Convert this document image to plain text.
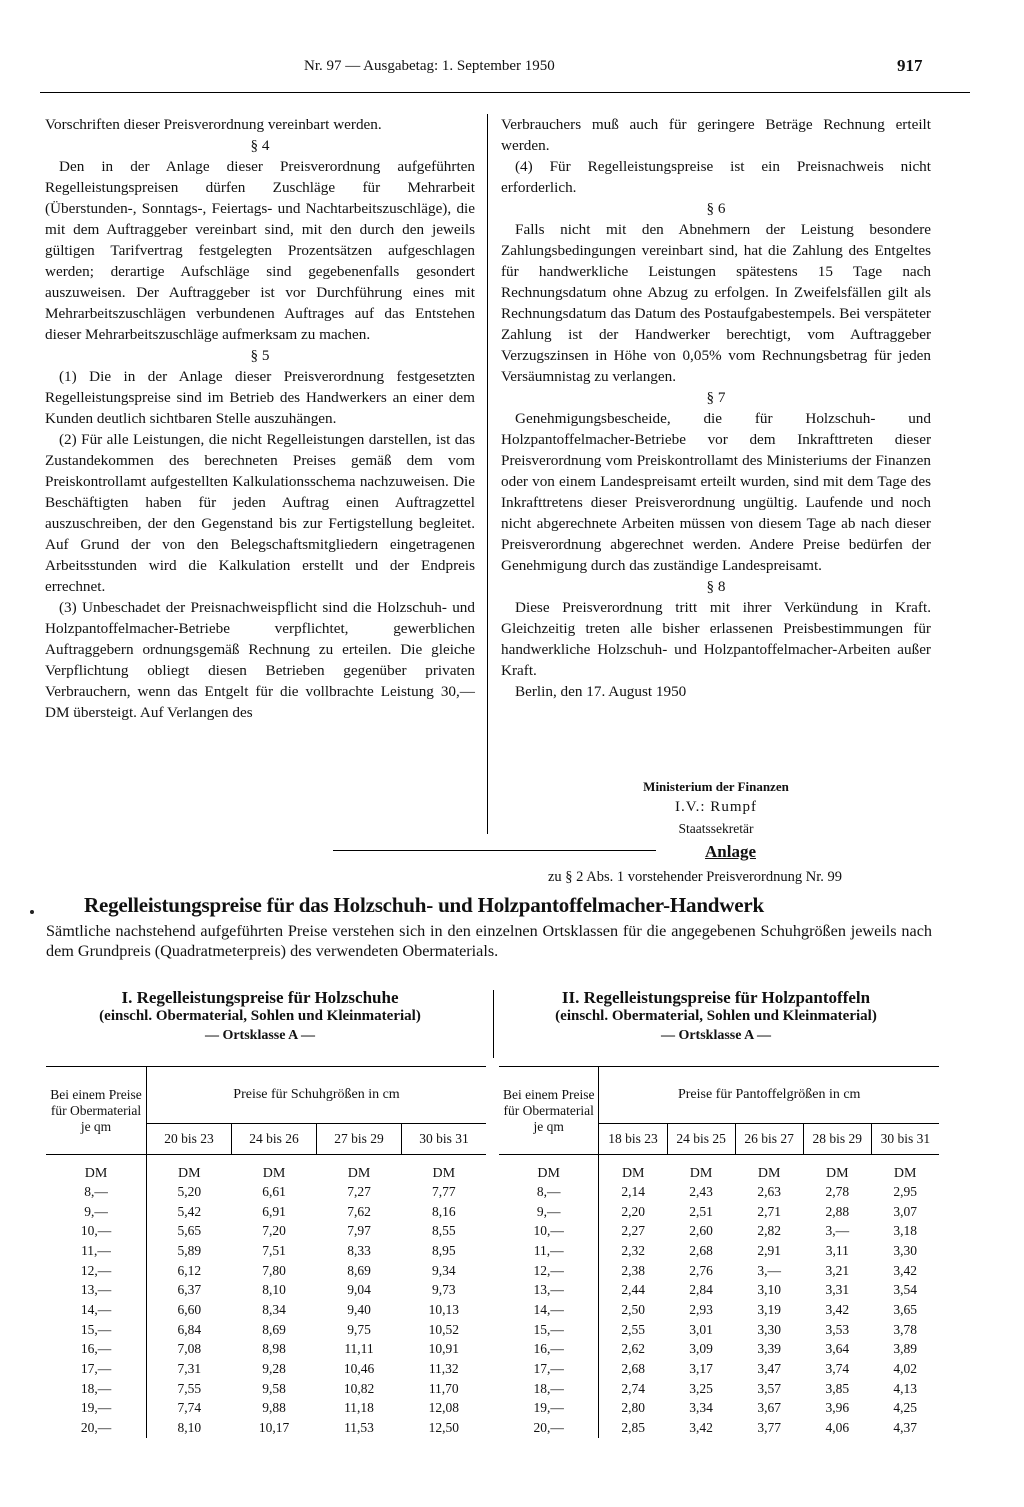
Nr. 97 — Ausgabetag: 1. September 1950	917

Vorschriften dieser Preisverordnung vereinbart werden.

§ 4

Den in der Anlage dieser Preisverordnung aufgeführten Regelleistungspreisen dürfen Zuschläge für Mehrarbeit (Überstunden-, Sonntags-, Feiertags- und Nachtarbeitszuschläge), die mit dem Auftraggeber vereinbart sind, mit den durch den jeweils gültigen Tarifvertrag festgelegten Prozentsätzen aufgeschlagen werden; derartige Aufschläge sind gegebenenfalls gesondert auszuweisen. Der Auftraggeber ist vor Durchführung eines mit Mehrarbeitszuschlägen verbundenen Auftrages auf das Entstehen dieser Mehrarbeitszuschläge aufmerksam zu machen.

§ 5

(1) Die in der Anlage dieser Preisverordnung festgesetzten Regelleistungspreise sind im Betrieb des Handwerkers an einer dem Kunden deutlich sichtbaren Stelle auszuhängen.

(2) Für alle Leistungen, die nicht Regelleistungen darstellen, ist das Zustandekommen des berechneten Preises gemäß dem vom Preiskontrollamt aufgestellten Kalkulationsschema nachzuweisen. Die Beschäftigten haben für jeden Auftrag einen Auftragzettel auszuschreiben, der den Gegenstand bis zur Fertigstellung begleitet. Auf Grund der von den Belegschaftsmitgliedern eingetragenen Arbeitsstunden wird die Kalkulation erstellt und der Endpreis errechnet.

(3) Unbeschadet der Preisnachweispflicht sind die Holzschuh- und Holzpantoffelmacher-Betriebe verpflichtet, gewerblichen Auftraggebern ordnungsgemäß Rechnung zu erteilen. Die gleiche Verpflichtung obliegt diesen Betrieben gegenüber privaten Verbrauchern, wenn das Entgelt für die vollbrachte Leistung 30,— DM übersteigt. Auf Verlangen des

Verbrauchers muß auch für geringere Beträge Rechnung erteilt werden.

(4) Für Regelleistungspreise ist ein Preisnachweis nicht erforderlich.

§ 6

Falls nicht mit den Abnehmern der Leistung besondere Zahlungsbedingungen vereinbart sind, hat die Zahlung des Entgeltes für handwerkliche Leistungen spätestens 15 Tage nach Rechnungsdatum ohne Abzug zu erfolgen. In Zweifelsfällen gilt als Rechnungsdatum das Datum des Postaufgabestempels. Bei verspäteter Zahlung ist der Handwerker berechtigt, vom Auftraggeber Verzugszinsen in Höhe von 0,05% vom Rechnungsbetrag für jeden Versäumnistag zu verlangen.

§ 7

Genehmigungsbescheide, die für Holzschuh- und Holzpantoffelmacher-Betriebe vor dem Inkrafttreten dieser Preisverordnung vom Preiskontrollamt des Ministeriums der Finanzen oder von einem Landespreisamt erteilt wurden, sind mit dem Tage des Inkrafttretens dieser Preisverordnung ungültig. Laufende und noch nicht abgerechnete Arbeiten müssen von diesem Tage ab nach dieser Preisverordnung abgerechnet werden. Andere Preise bedürfen der Genehmigung durch das zuständige Landespreisamt.

§ 8

Diese Preisverordnung tritt mit ihrer Verkündung in Kraft. Gleichzeitig treten alle bisher erlassenen Preisbestimmungen für handwerkliche Holzschuh- und Holzpantoffelmacher-Arbeiten außer Kraft.

Berlin, den 17. August 1950

Ministerium der Finanzen

I.V.: Rumpf

Staatssekretär

Anlage
zu § 2 Abs. 1 vorstehender Preisverordnung Nr. 99
Regelleistungspreise für das Holzschuh- und Holzpantoffelmacher-Handwerk

Sämtliche nachstehend aufgeführten Preise verstehen sich in den einzelnen Ortsklassen für die angegebenen Schuhgrößen jeweils nach dem Grundpreis (Quadratmeterpreis) des verwendeten Obermaterials.

I. Regelleistungspreise für Holzschuhe
(einschl. Obermaterial, Sohlen und Kleinmaterial)
— Ortsklasse A —
II. Regelleistungspreise für Holzpantoffeln
(einschl. Obermaterial, Sohlen und Kleinmaterial)
— Ortsklasse A —
Bei einem Preise für Obermaterial je qm	Preise für Schuhgrößen in cm			
	20 bis 23	24 bis 26	27 bis 29	30 bis 31
DM	DM	DM	DM	DM
8,—	5,20	6,61	7,27	7,77
9,—	5,42	6,91	7,62	8,16
10,—	5,65	7,20	7,97	8,55
11,—	5,89	7,51	8,33	8,95
12,—	6,12	7,80	8,69	9,34
13,—	6,37	8,10	9,04	9,73
14,—	6,60	8,34	9,40	10,13
15,—	6,84	8,69	9,75	10,52
16,—	7,08	8,98	11,11	10,91
17,—	7,31	9,28	10,46	11,32
18,—	7,55	9,58	10,82	11,70
19,—	7,74	9,88	11,18	12,08
20,—	8,10	10,17	11,53	12,50
Bei einem Preise für Obermaterial je qm	Preise für Pantoffelgrößen in cm				
	18 bis 23	24 bis 25	26 bis 27	28 bis 29	30 bis 31
DM	DM	DM	DM	DM	DM
8,—	2,14	2,43	2,63	2,78	2,95
9,—	2,20	2,51	2,71	2,88	3,07
10,—	2,27	2,60	2,82	3,—	3,18
11,—	2,32	2,68	2,91	3,11	3,30
12,—	2,38	2,76	3,—	3,21	3,42
13,—	2,44	2,84	3,10	3,31	3,54
14,—	2,50	2,93	3,19	3,42	3,65
15,—	2,55	3,01	3,30	3,53	3,78
16,—	2,62	3,09	3,39	3,64	3,89
17,—	2,68	3,17	3,47	3,74	4,02
18,—	2,74	3,25	3,57	3,85	4,13
19,—	2,80	3,34	3,67	3,96	4,25
20,—	2,85	3,42	3,77	4,06	4,37
